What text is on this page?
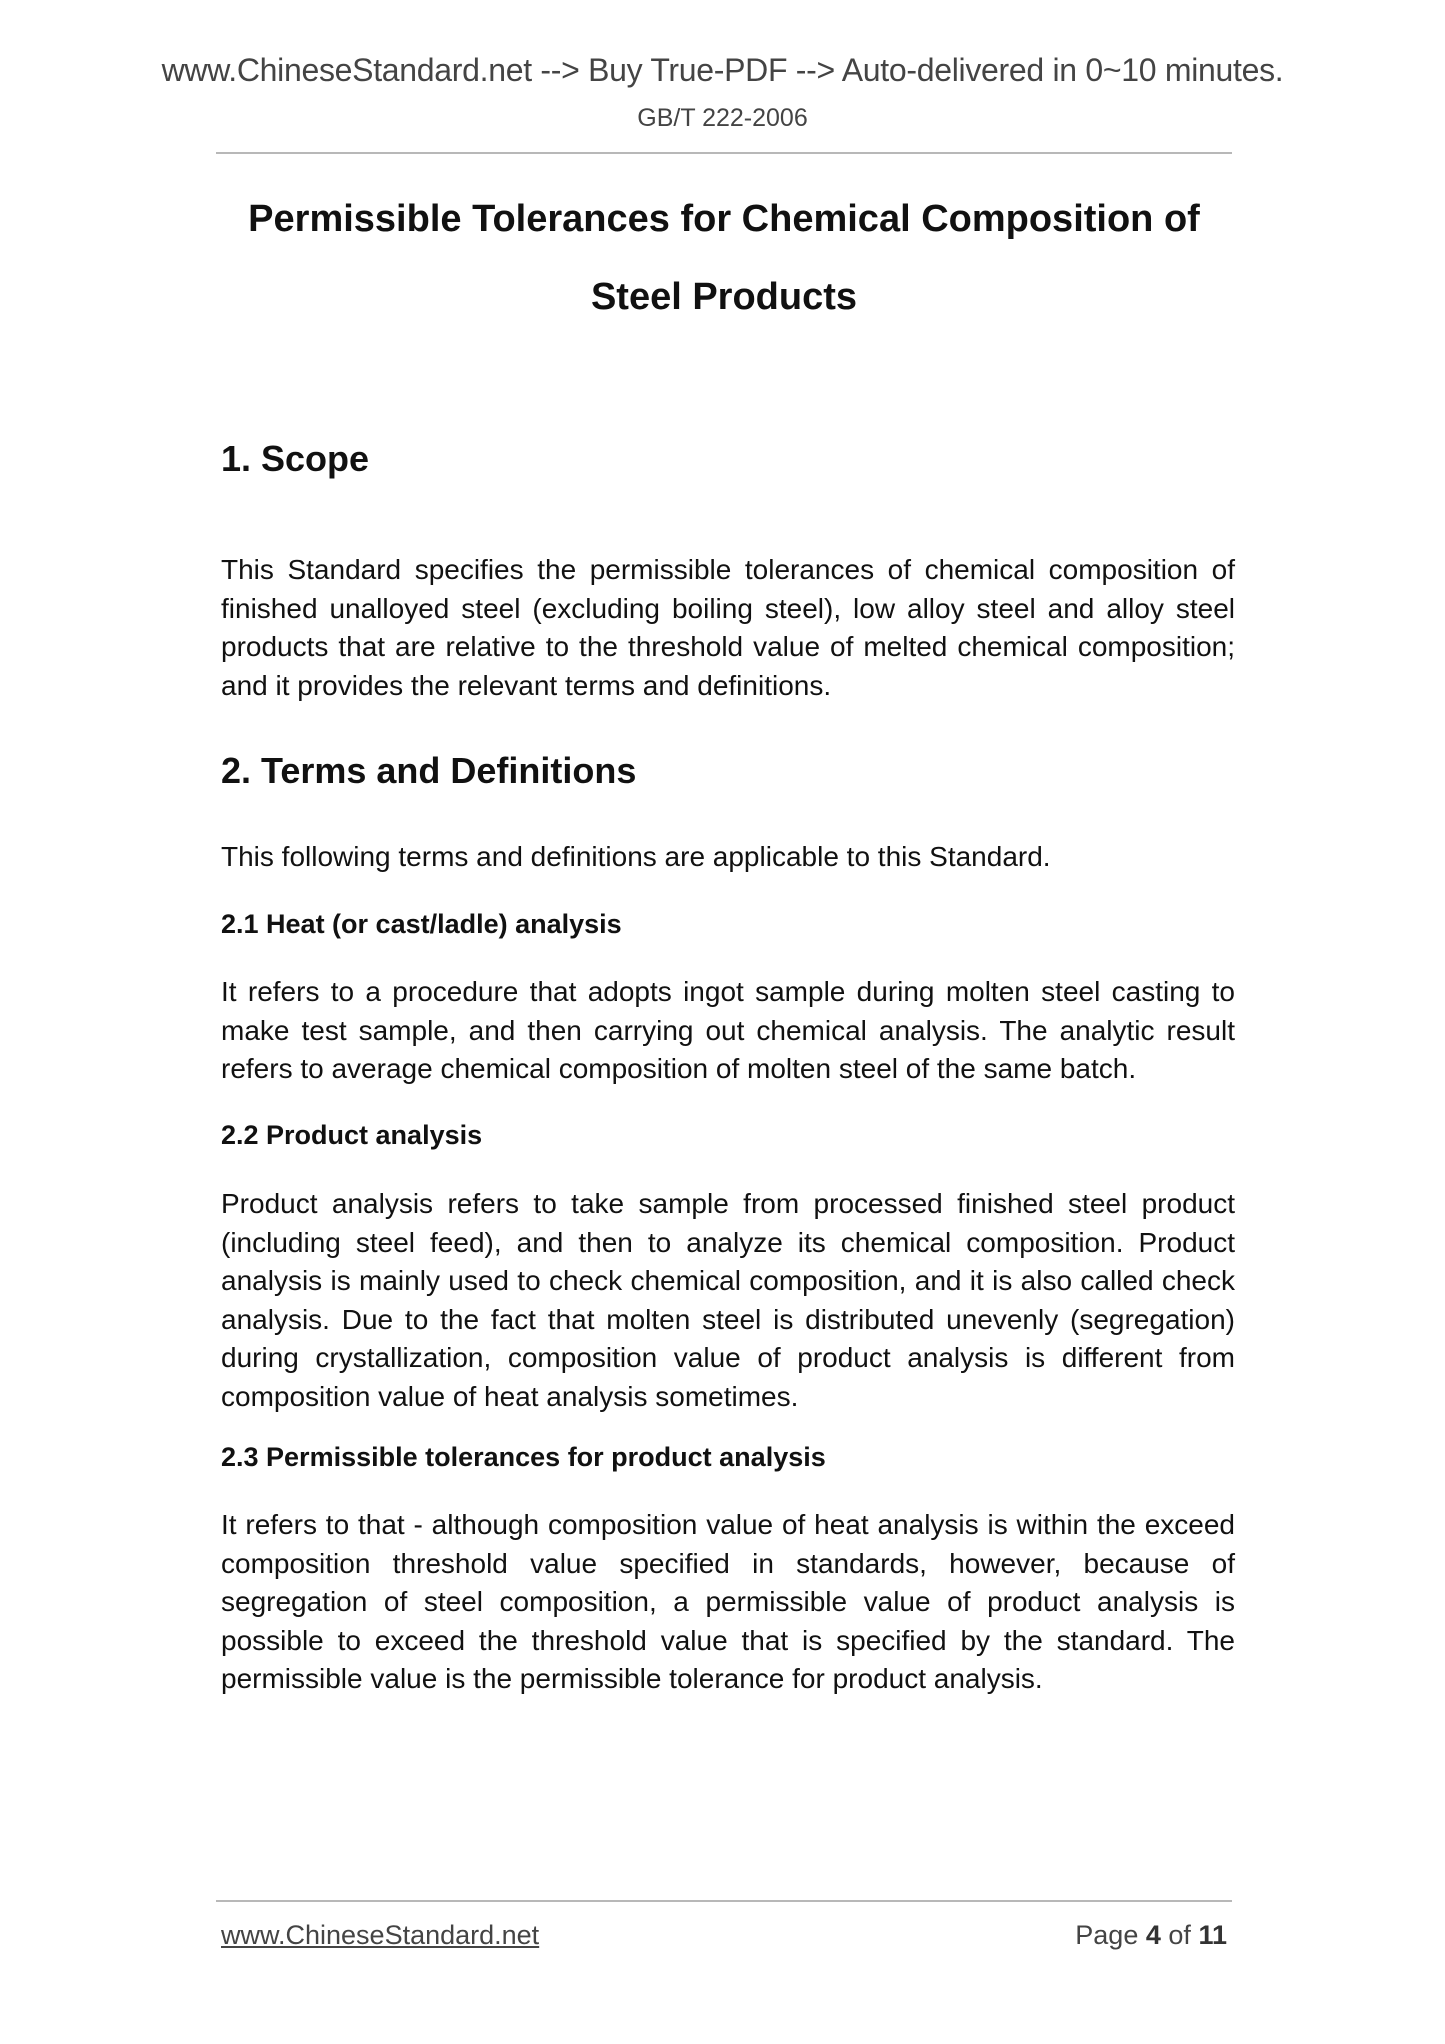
www.ChineseStandard.net --> Buy True-PDF --> Auto-delivered in 0~10 minutes.
GB/T 222-2006
Permissible Tolerances for Chemical Composition of
Steel Products
1. Scope
This Standard specifies the permissible tolerances of chemical composition of finished unalloyed steel (excluding boiling steel), low alloy steel and alloy steel products that are relative to the threshold value of melted chemical composition; and it provides the relevant terms and definitions.
2. Terms and Definitions
This following terms and definitions are applicable to this Standard.
2.1 Heat (or cast/ladle) analysis
It refers to a procedure that adopts ingot sample during molten steel casting to make test sample, and then carrying out chemical analysis. The analytic result refers to average chemical composition of molten steel of the same batch.
2.2 Product analysis
Product analysis refers to take sample from processed finished steel product (including steel feed), and then to analyze its chemical composition. Product analysis is mainly used to check chemical composition, and it is also called check analysis. Due to the fact that molten steel is distributed unevenly (segregation) during crystallization, composition value of product analysis is different from composition value of heat analysis sometimes.
2.3 Permissible tolerances for product analysis
It refers to that - although composition value of heat analysis is within the exceed composition threshold value specified in standards, however, because of segregation of steel composition, a permissible value of product analysis is possible to exceed the threshold value that is specified by the standard. The permissible value is the permissible tolerance for product analysis.
www.ChineseStandard.net	Page 4 of 11
